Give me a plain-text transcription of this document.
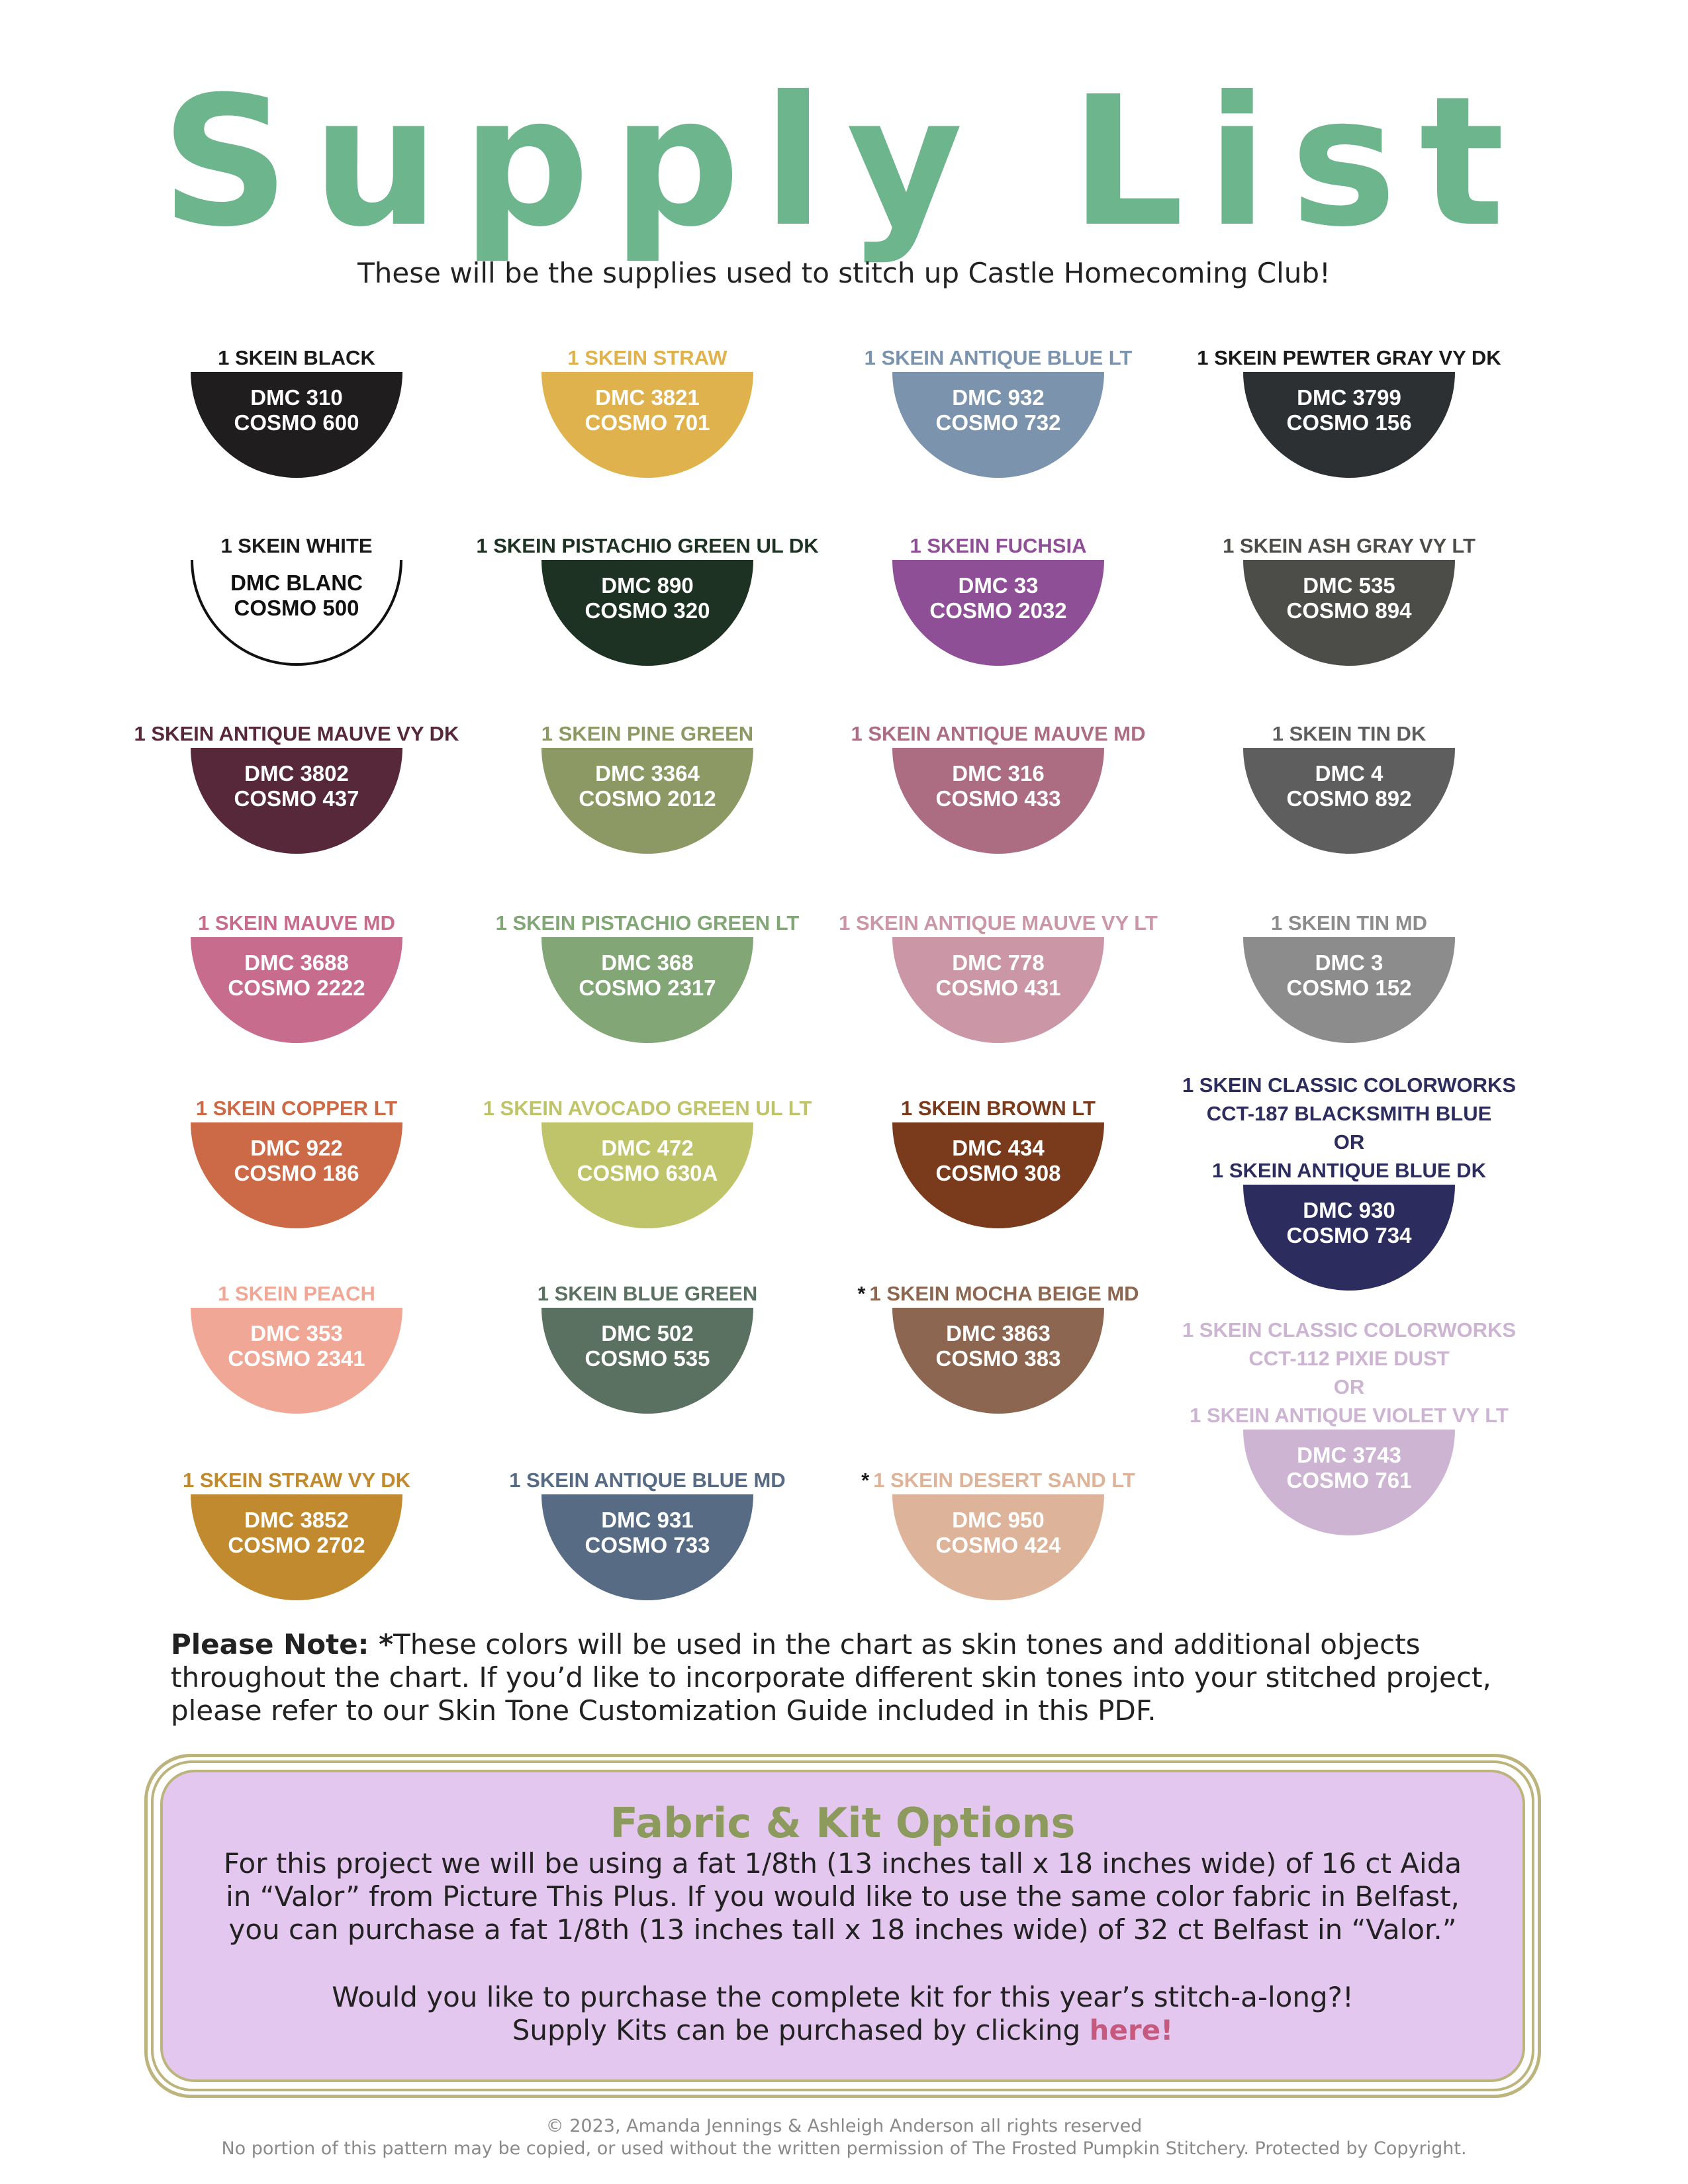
Supply List
These will be the supplies used to stitch up Castle Homecoming Club!
1 SKEIN BLACK
DMC 310
COSMO 600
1 SKEIN STRAW
DMC 3821
COSMO 701
1 SKEIN ANTIQUE BLUE LT
DMC 932
COSMO 732
1 SKEIN PEWTER GRAY VY DK
DMC 3799
COSMO 156
1 SKEIN WHITE
DMC BLANC
COSMO 500
1 SKEIN PISTACHIO GREEN UL DK
DMC 890
COSMO 320
1 SKEIN FUCHSIA
DMC 33
COSMO 2032
1 SKEIN ASH GRAY VY LT
DMC 535
COSMO 894
1 SKEIN ANTIQUE MAUVE VY DK
DMC 3802
COSMO 437
1 SKEIN PINE GREEN
DMC 3364
COSMO 2012
1 SKEIN ANTIQUE MAUVE MD
DMC 316
COSMO 433
1 SKEIN TIN DK
DMC 4
COSMO 892
1 SKEIN MAUVE MD
DMC 3688
COSMO 2222
1 SKEIN PISTACHIO GREEN LT
DMC 368
COSMO 2317
1 SKEIN ANTIQUE MAUVE VY LT
DMC 778
COSMO 431
1 SKEIN TIN MD
DMC 3
COSMO 152
1 SKEIN COPPER LT
DMC 922
COSMO 186
1 SKEIN AVOCADO GREEN UL LT
DMC 472
COSMO 630A
1 SKEIN BROWN LT
DMC 434
COSMO 308
1 SKEIN PEACH
DMC 353
COSMO 2341
1 SKEIN BLUE GREEN
DMC 502
COSMO 535
* 1 SKEIN MOCHA BEIGE MD
DMC 3863
COSMO 383
1 SKEIN STRAW VY DK
DMC 3852
COSMO 2702
1 SKEIN ANTIQUE BLUE MD
DMC 931
COSMO 733
* 1 SKEIN DESERT SAND LT
DMC 950
COSMO 424
1 SKEIN CLASSIC COLORWORKS
CCT-187 BLACKSMITH BLUE
OR
1 SKEIN ANTIQUE BLUE DK
DMC 930
COSMO 734
1 SKEIN CLASSIC COLORWORKS
CCT-112 PIXIE DUST
OR
1 SKEIN ANTIQUE VIOLET VY LT
DMC 3743
COSMO 761
Please Note: *These colors will be used in the chart as skin tones and additional objects throughout the chart. If you’d like to incorporate different skin tones into your stitched project, please refer to our Skin Tone Customization Guide included in this PDF.
Fabric & Kit Options
For this project we will be using a fat 1/8th (13 inches tall x 18 inches wide) of 16 ct Aida
in “Valor” from Picture This Plus. If you would like to use the same color fabric in Belfast,
you can purchase a fat 1/8th (13 inches tall x 18 inches wide) of 32 ct Belfast in “Valor.”
Would you like to purchase the complete kit for this year’s stitch-a-long?!
Supply Kits can be purchased by clicking here!
© 2023, Amanda Jennings & Ashleigh Anderson all rights reserved
No portion of this pattern may be copied, or used without the written permission of The Frosted Pumpkin Stitchery. Protected by Copyright.
